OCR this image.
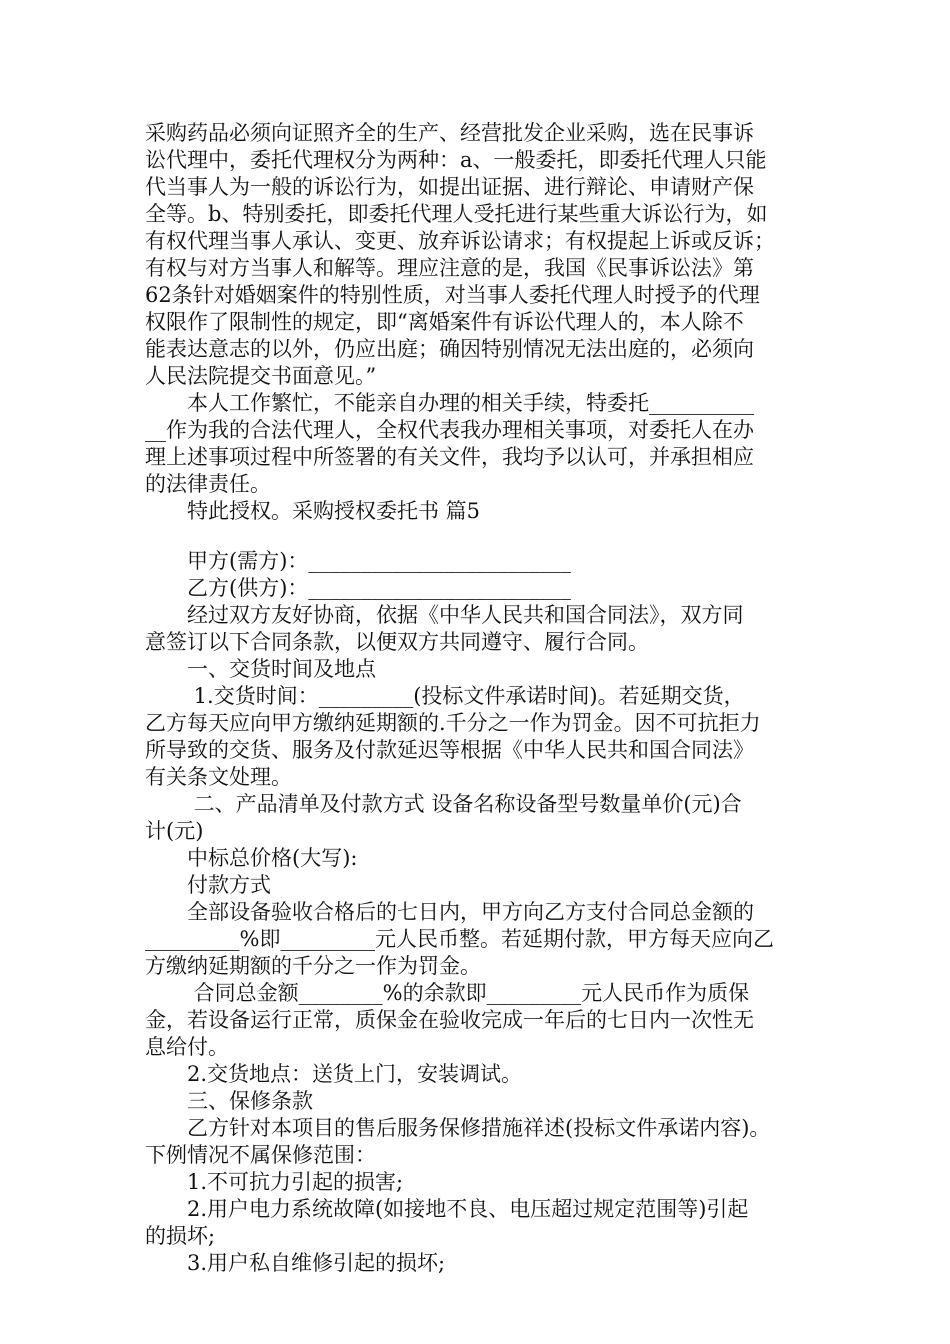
采购药品必须向证照齐全的生产、经营批发企业采购，选在民事诉
讼代理中，委托代理权分为两种：a、一般委托，即委托代理人只能
代当事人为一般的诉讼行为，如提出证据、进行辩论、申请财产保
全等。b、特别委托，即委托代理人受托进行某些重大诉讼行为，如
有权代理当事人承认、变更、放弃诉讼请求；有权提起上诉或反诉；
有权与对方当事人和解等。理应注意的是，我国《民事诉讼法》第
62条针对婚姻案件的特别性质，对当事人委托代理人时授予的代理
权限作了限制性的规定，即“离婚案件有诉讼代理人的，本人除不
能表达意志的以外，仍应出庭；确因特别情况无法出庭的，必须向
人民法院提交书面意见。”
　　本人工作繁忙，不能亲自办理的相关手续，特委托__________
__作为我的合法代理人，全权代表我办理相关事项，对委托人在办
理上述事项过程中所签署的有关文件，我均予以认可，并承担相应
的法律责任。
　　特此授权。采购授权委托书 篇5
　　甲方(需方)：_________________________
　　乙方(供方)：_________________________
　　经过双方友好协商，依据《中华人民共和国合同法》，双方同
意签订以下合同条款，以便双方共同遵守、履行合同。
　　一、交货时间及地点
　　 1.交货时间：_________(投标文件承诺时间)。若延期交货，
乙方每天应向甲方缴纳延期额的.千分之一作为罚金。因不可抗拒力
所导致的交货、服务及付款延迟等根据《中华人民共和国合同法》
有关条文处理。
　　 二、产品清单及付款方式 设备名称设备型号数量单价(元)合
计(元)
　　中标总价格(大写):
　　付款方式
　　全部设备验收合格后的七日内，甲方向乙方支付合同总金额的
_________%即_________元人民币整。若延期付款，甲方每天应向乙
方缴纳延期额的千分之一作为罚金。
　　 合同总金额________%的余款即_________元人民币作为质保
金，若设备运行正常，质保金在验收完成一年后的七日内一次性无
息给付。
　　2.交货地点：送货上门，安装调试。
　　三、保修条款
　　乙方针对本项目的售后服务保修措施祥述(投标文件承诺内容)。
下例情况不属保修范围：
　　1.不可抗力引起的损害;
　　2.用户电力系统故障(如接地不良、电压超过规定范围等)引起
的损坏;
　　3.用户私自维修引起的损坏;
